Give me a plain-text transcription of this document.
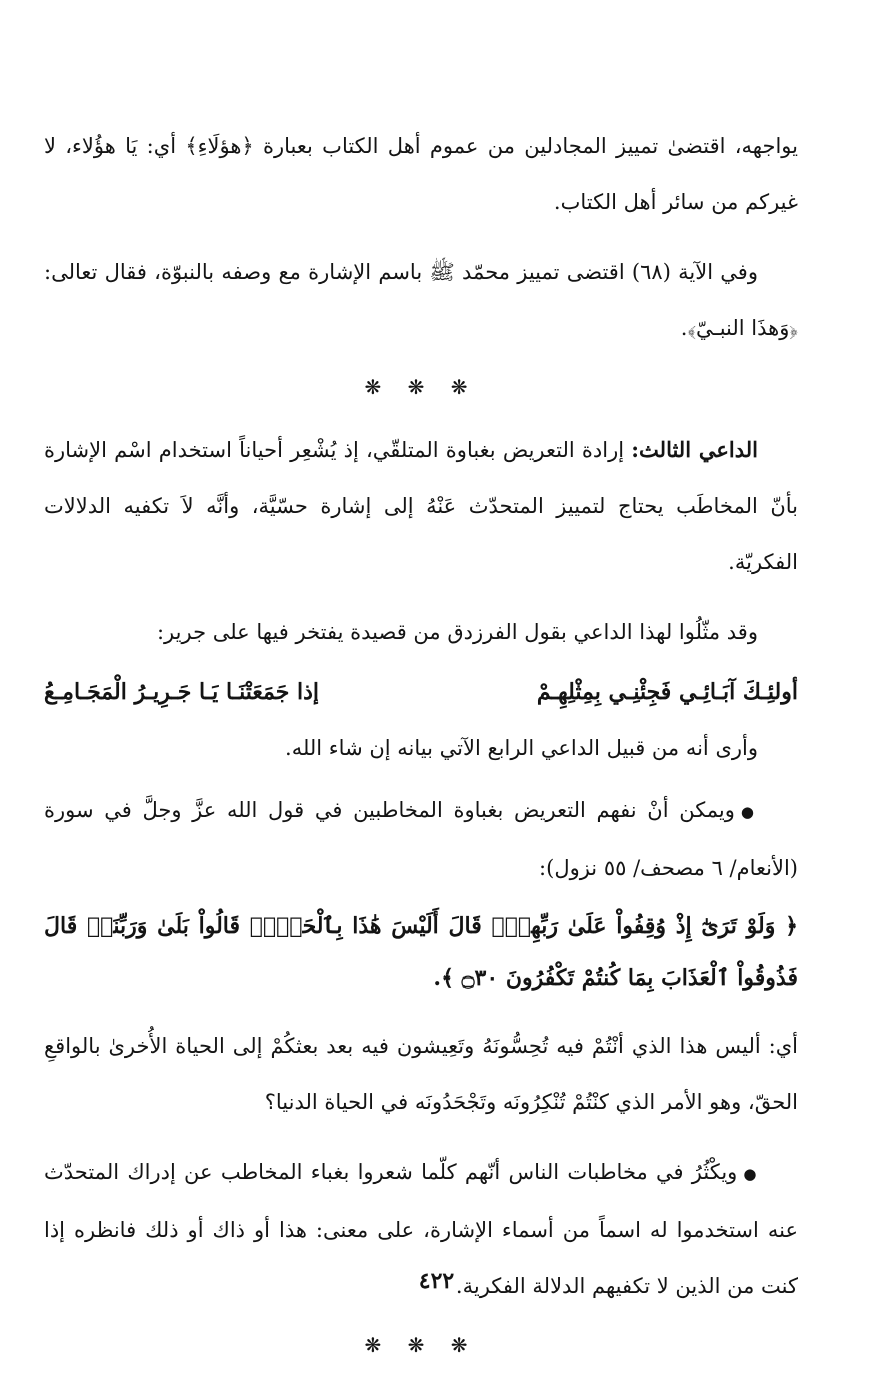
يواجهه، اقتضىٰ تمييز المجادلين من عموم أهل الكتاب بعبارة ﴿هؤلَاءِ﴾ أي: يَا هؤُلاء، لا غيركم من سائر أهل الكتاب.

وفي الآية (٦٨) اقتضى تمييز محمّد ﷺ باسم الإشارة مع وصفه بالنبوّة، فقال تعالى: ﴿وَهذَا النبـيّ﴾.

❋ ❋ ❋

الداعي الثالث: إرادة التعريض بغباوة المتلقّي، إذ يُشْعِر أحياناً استخدام اسْم الإشارة بأنّ المخاطَب يحتاج لتمييز المتحدّث عَنْهُ إلى إشارة حسّيَّة، وأنَّه لاَ تكفيه الدلالات الفكريّة.

وقد مثّلُوا لهذا الداعي بقول الفرزدق من قصيدة يفتخر فيها على جرير:

أولئِـكَ آبَـائِـي فَجِئْنِـي بِمِثْلِهِـمْ
إذا جَمَعَتْنَـا يَـا جَـرِيـرُ الْمَجَـامِـعُ

وأرى أنه من قبيل الداعي الرابع الآتي بيانه إن شاء الله.

●ويمكن أنْ نفهم التعريض بغباوة المخاطبين في قول الله عزَّ وجلَّ في سورة (الأنعام/ ٦ مصحف/ ٥٥ نزول):

﴿ وَلَوْ تَرَىٰٓ إِذْ وُقِفُواْ عَلَىٰ رَبِّهِمْۚ قَالَ أَلَيْسَ هَٰذَا بِٱلْحَقِّۚ قَالُواْ بَلَىٰ وَرَبِّنَاۚ قَالَ فَذُوقُواْ ٱلْعَذَابَ بِمَا كُنتُمْ تَكْفُرُونَ ۝٣٠ ﴾.

أي: أليس هذا الذي أنْتُمْ فيه تُحِسُّونَهُ وتَعِيشون فيه بعد بعثكُمْ إلى الحياة الأُخرىٰ بالواقعِ الحقّ، وهو الأمر الذي كنْتُمْ تُنْكِرُونَه وتَجْحَدُونَه في الحياة الدنيا؟

●ويكْثُرُ في مخاطبات الناس أنّهم كلّما شعروا بغباء المخاطب عن إدراك المتحدّث عنه استخدموا له اسماً من أسماء الإشارة، على معنى: هذا أو ذاك أو ذلك فانظره إذا كنت من الذين لا تكفيهم الدلالة الفكرية.

❋ ❋ ❋

٤٢٢
